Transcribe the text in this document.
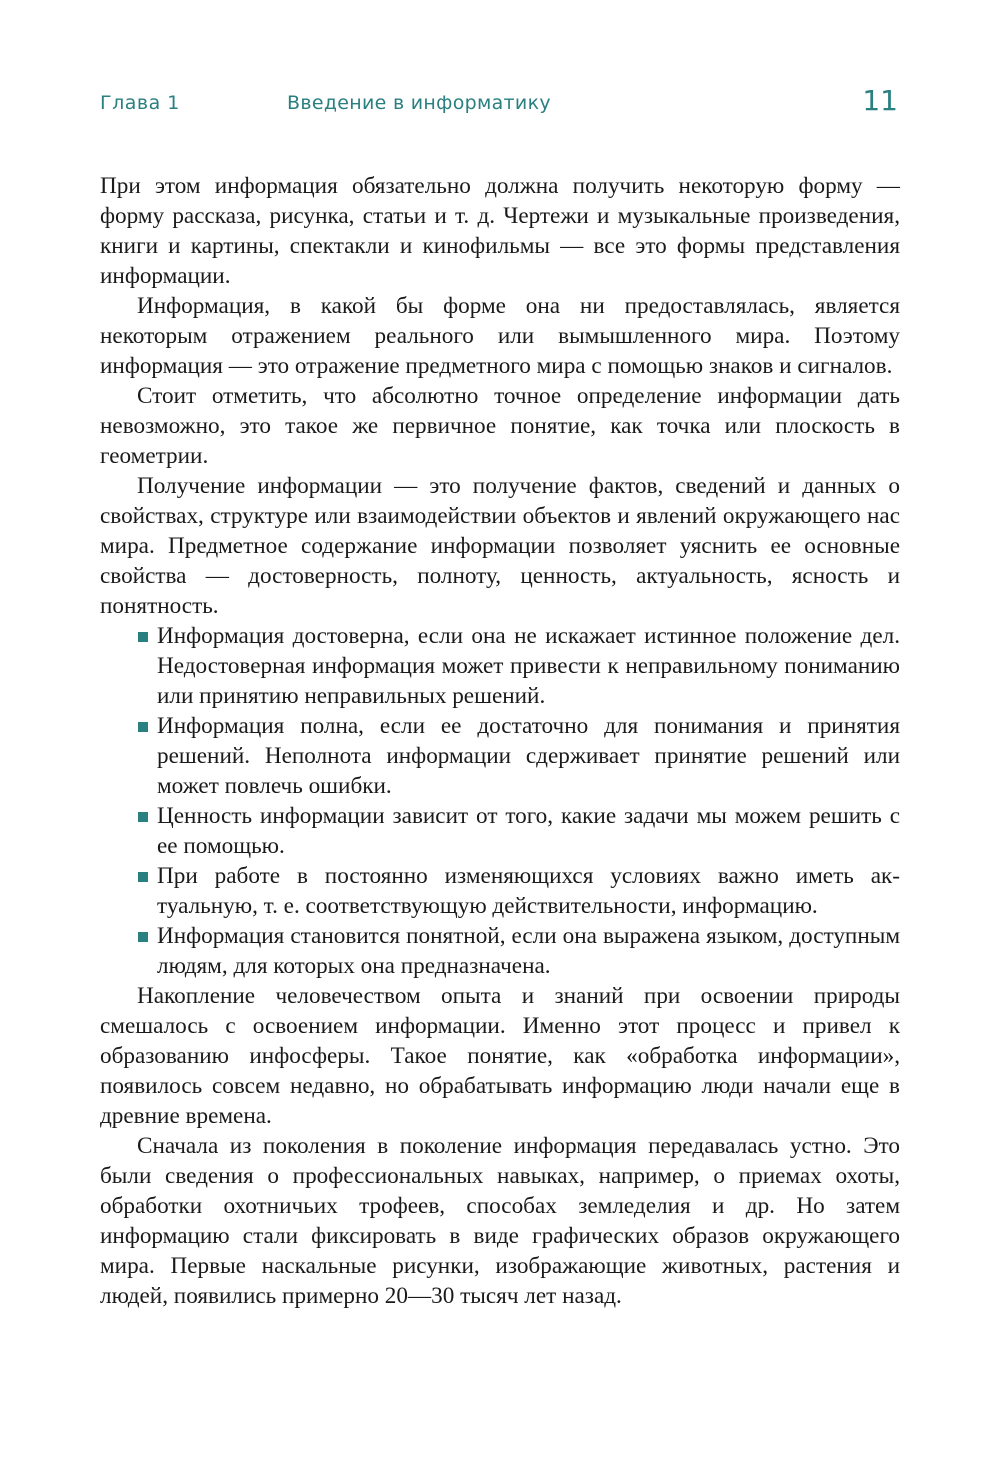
Глава 1	Введение в информатику	11

При этом информация обязательно должна получить некоторую форму — форму рассказа, рисунка, статьи и т. д. Чертежи и музыкальные произведения, книги и картины, спектакли и кинофильмы — все это формы представления информации.

Информация, в какой бы форме она ни предоставлялась, является некоторым отражением реального или вымышленного мира. Поэтому информация — это отражение предметного мира с помощью знаков и сигналов.

Стоит отметить, что абсолютно точное определение информации дать невозможно, это такое же первичное понятие, как точка или плоскость в геометрии.

Получение информации — это получение фактов, сведений и данных о свойствах, структуре или взаимодействии объектов и явлений окружающего нас мира. Предметное содержание информации позволяет уяснить ее основные свойства — достоверность, полноту, ценность, актуальность, ясность и понятность.

Информация достоверна, если она не искажает истинное положение дел. Недостоверная информация может привести к неправильному пониманию или принятию неправильных решений.
Информация полна, если ее достаточно для понимания и принятия решений. Неполнота информации сдерживает принятие решений или может повлечь ошибки.
Ценность информации зависит от того, какие задачи мы можем решить с ее помощью.
При работе в постоянно изменяющихся условиях важно иметь актуальную, т. е. соответствующую действительности, информацию.
Информация становится понятной, если она выражена языком, доступным людям, для которых она предназначена.

Накопление человечеством опыта и знаний при освоении природы смешалось с освоением информации. Именно этот процесс и привел к образованию инфосферы. Такое понятие, как «обработка информации», появилось совсем недавно, но обрабатывать информацию люди начали еще в древние времена.

Сначала из поколения в поколение информация передавалась устно. Это были сведения о профессиональных навыках, например, о приемах охоты, обработки охотничьих трофеев, способах земледелия и др. Но затем информацию стали фиксировать в виде графических образов окружающего мира. Первые наскальные рисунки, изображающие животных, растения и людей, появились примерно 20—30 тысяч лет назад.
